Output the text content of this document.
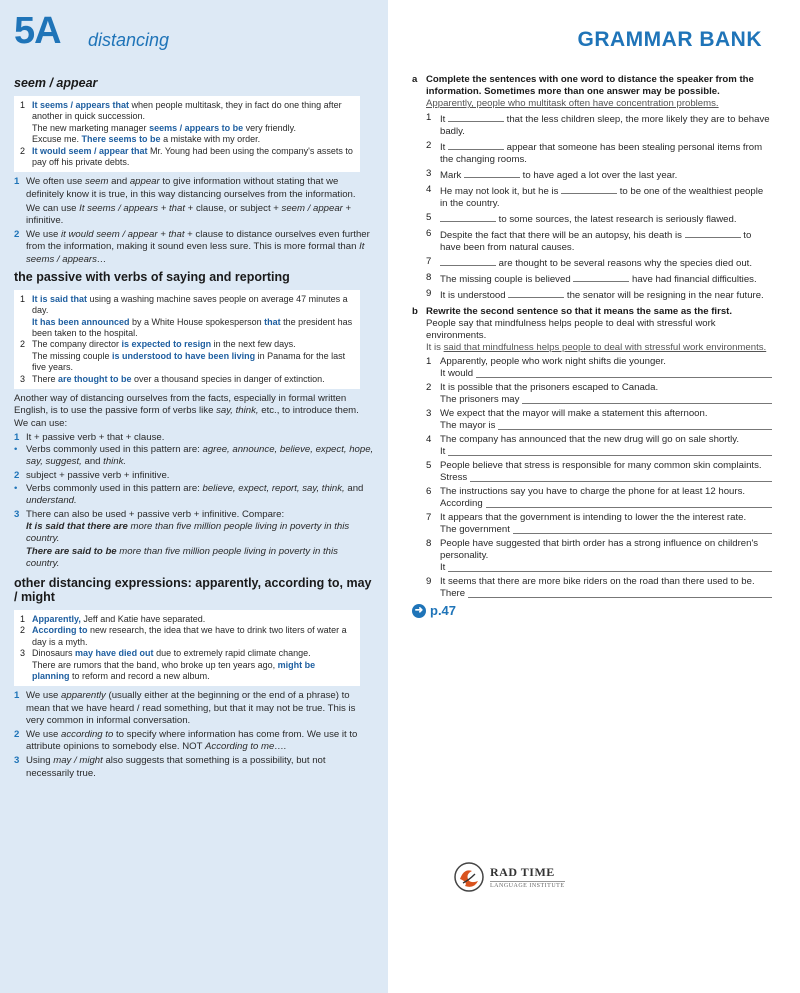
5A distancing
seem / appear
1 It seems / appears that when people multitask, they in fact do one thing after another in quick succession.
The new marketing manager seems / appears to be very friendly.
Excuse me. There seems to be a mistake with my order.
2 It would seem / appear that Mr. Young had been using the company's assets to pay off his private debts.
1 We often use seem and appear to give information without stating that we definitely know it is true, in this way distancing ourselves from the information.
We can use It seems / appears + that + clause, or subject + seem / appear + infinitive.
2 We use it would seem / appear + that + clause to distance ourselves even further from the information, making it sound even less sure. This is more formal than It seems / appears…
the passive with verbs of saying and reporting
1 It is said that using a washing machine saves people on average 47 minutes a day.
It has been announced by a White House spokesperson that the president has been taken to the hospital.
2 The company director is expected to resign in the next few days.
The missing couple is understood to have been living in Panama for the last five years.
3 There are thought to be over a thousand species in danger of extinction.
Another way of distancing ourselves from the facts, especially in formal written English, is to use the passive form of verbs like say, think, etc., to introduce them. We can use:
1 It + passive verb + that + clause.
• Verbs commonly used in this pattern are: agree, announce, believe, expect, hope, say, suggest, and think.
2 subject + passive verb + infinitive.
• Verbs commonly used in this pattern are: believe, expect, report, say, think, and understand.
3 There can also be used + passive verb + infinitive. Compare:
It is said that there are more than five million people living in poverty in this country.
There are said to be more than five million people living in poverty in this country.
other distancing expressions: apparently, according to, may / might
1 Apparently, Jeff and Katie have separated.
2 According to new research, the idea that we have to drink two liters of water a day is a myth.
3 Dinosaurs may have died out due to extremely rapid climate change.
There are rumors that the band, who broke up ten years ago, might be planning to reform and record a new album.
1 We use apparently (usually either at the beginning or the end of a phrase) to mean that we have heard / read something, but that it may not be true. This is very common in informal conversation.
2 We use according to to specify where information has come from. We use it to attribute opinions to somebody else. NOT According to me….
3 Using may / might also suggests that something is a possibility, but not necessarily true.
GRAMMAR BANK
a Complete the sentences with one word to distance the speaker from the information. Sometimes more than one answer may be possible.
Apparently, people who multitask often have concentration problems.
1 It	that the less children sleep, the more likely they are to behave badly.
2 It	appear that someone has been stealing personal items from the changing rooms.
3 Mark	to have aged a lot over the last year.
4 He may not look it, but he is	to be one of the wealthiest people in the country.
5	to some sources, the latest research is seriously flawed.
6 Despite the fact that there will be an autopsy, his death is	to have been from natural causes.
7	are thought to be several reasons why the species died out.
8 The missing couple is believed	have had financial difficulties.
9 It is understood	the senator will be resigning in the near future.
b Rewrite the second sentence so that it means the same as the first.
People say that mindfulness helps people to deal with stressful work environments.
It is said that mindfulness helps people to deal with stressful work environments.
1 Apparently, people who work night shifts die younger.
It would
2 It is possible that the prisoners escaped to Canada.
The prisoners may
3 We expect that the mayor will make a statement this afternoon.
The mayor is
4 The company has announced that the new drug will go on sale shortly.
It
5 People believe that stress is responsible for many common skin complaints.
Stress
6 The instructions say you have to charge the phone for at least 12 hours.
According
7 It appears that the government is intending to lower the the interest rate.
The government
8 People have suggested that birth order has a strong influence on children's personality.
It
9 It seems that there are more bike riders on the road than there used to be.
There
➜ p.47
RAD TIME
LANGUAGE INSTITUTE
